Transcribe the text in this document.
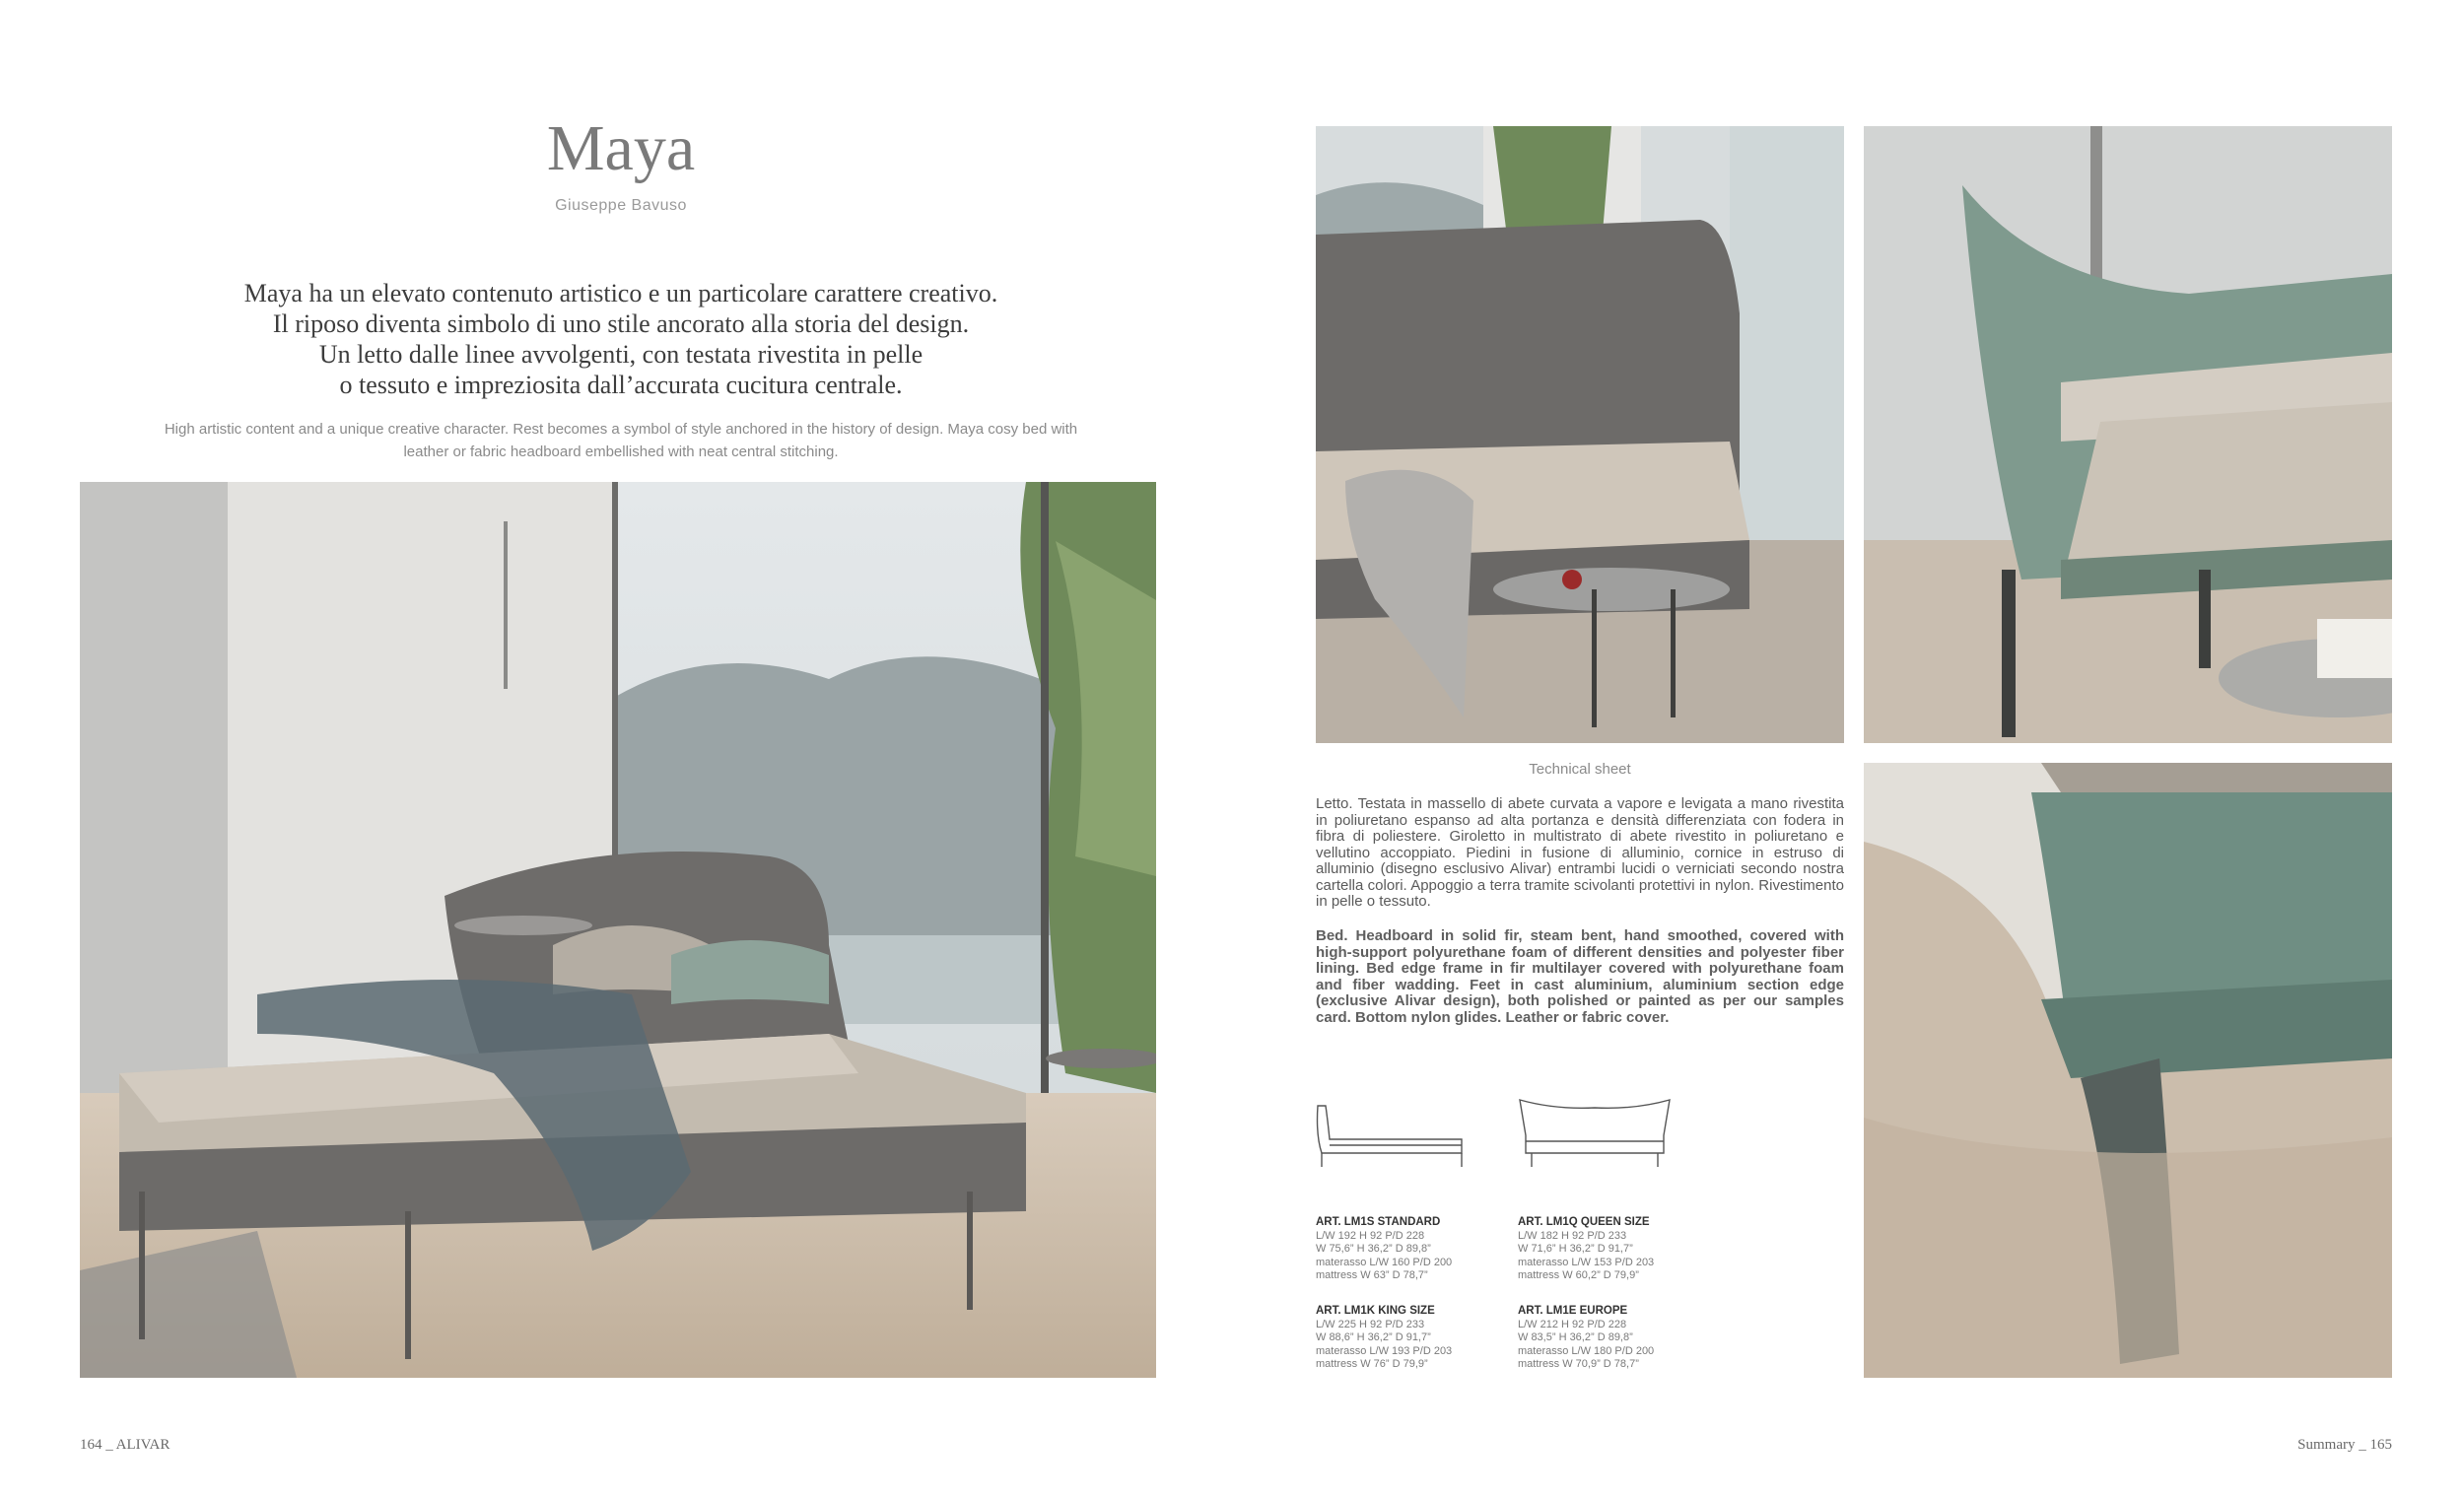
Maya
Giuseppe Bavuso
Maya ha un elevato contenuto artistico e un particolare carattere creativo.
Il riposo diventa simbolo di uno stile ancorato alla storia del design.
Un letto dalle linee avvolgenti, con testata rivestita in pelle
o tessuto e impreziosita dall’accurata cucitura centrale.
High artistic content and a unique creative character. Rest becomes a symbol of style anchored in the history of design. Maya cosy bed with leather or fabric headboard embellished with neat central stitching.
Technical sheet
Letto. Testata in massello di abete curvata a vapore e levigata a mano rivestita in poliuretano espanso ad alta portanza e densità differenziata con fodera in fibra di poliestere. Giroletto in multistrato di abete rivestito in poliuretano e vellutino accoppiato. Piedini in fusione di alluminio, cornice in estruso di alluminio (disegno esclusivo Alivar) entrambi lucidi o verniciati secondo nostra cartella colori. Appoggio a terra tramite scivolanti protettivi in nylon. Rivestimento in pelle o tessuto.
Bed. Headboard in solid fir, steam bent, hand smoothed, covered with high-support polyurethane foam of different densities and polyester fiber lining. Bed edge frame in fir multilayer covered with polyurethane foam and fiber wadding. Feet in cast aluminium, aluminium section edge (exclusive Alivar design), both polished or painted as per our samples card. Bottom nylon glides. Leather or fabric cover.
ART. LM1S STANDARD
L/W 192 H 92 P/D 228
W 75,6” H 36,2” D 89,8”
materasso L/W 160 P/D 200
mattress W 63” D 78,7”
ART. LM1Q QUEEN SIZE
L/W 182 H 92 P/D 233
W 71,6” H 36,2” D 91,7”
materasso L/W 153 P/D 203
mattress W 60,2” D 79,9”
ART. LM1K KING SIZE
L/W 225 H 92 P/D 233
W 88,6” H 36,2” D 91,7”
materasso L/W 193 P/D 203
mattress W 76” D 79,9”
ART. LM1E EUROPE
L/W 212 H 92 P/D 228
W 83,5” H 36,2” D 89,8”
materasso L/W 180 P/D 200
mattress W 70,9” D 78,7”
164 _ ALIVAR	Summary _ 165
